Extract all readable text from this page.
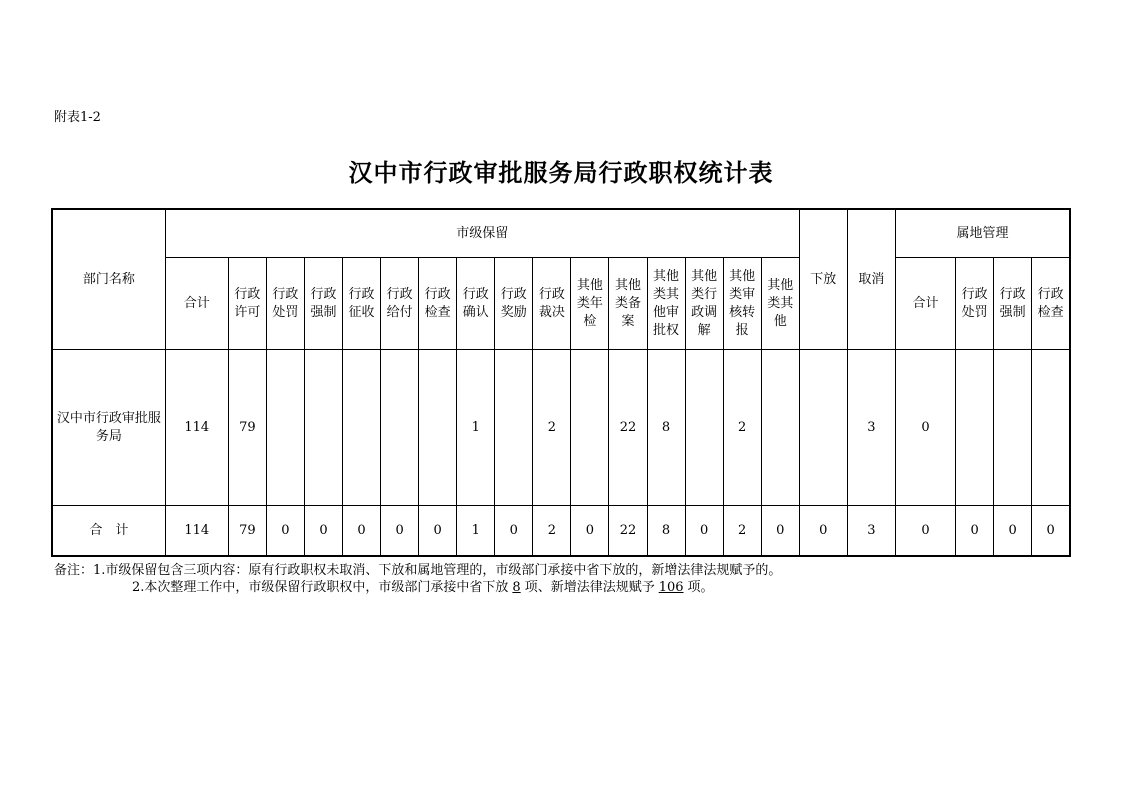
附表1-2
汉中市行政审批服务局行政职权统计表
部门名称	市级保留																下放	取消	属地管理			
	合计	行政许可	行政处罚	行政强制	行政征收	行政给付	行政检查	行政确认	行政奖励	行政裁决	其他类年检	其他类备案	其他类其他审批权	其他类行政调解	其他类审核转报	其他类其他			合计	行政处罚	行政强制	行政检查
汉中市行政审批服务局	114	79						1		2		22	8		2			3	0			
合　计	114	79	0	0	0	0	0	1	0	2	0	22	8	0	2	0	0	3	0	0	0	0
备注：1.市级保留包含三项内容：原有行政职权未取消、下放和属地管理的，市级部门承接中省下放的，新增法律法规赋予的。
2.本次整理工作中，市级保留行政职权中，市级部门承接中省下放 8 项、新增法律法规赋予 106 项。
